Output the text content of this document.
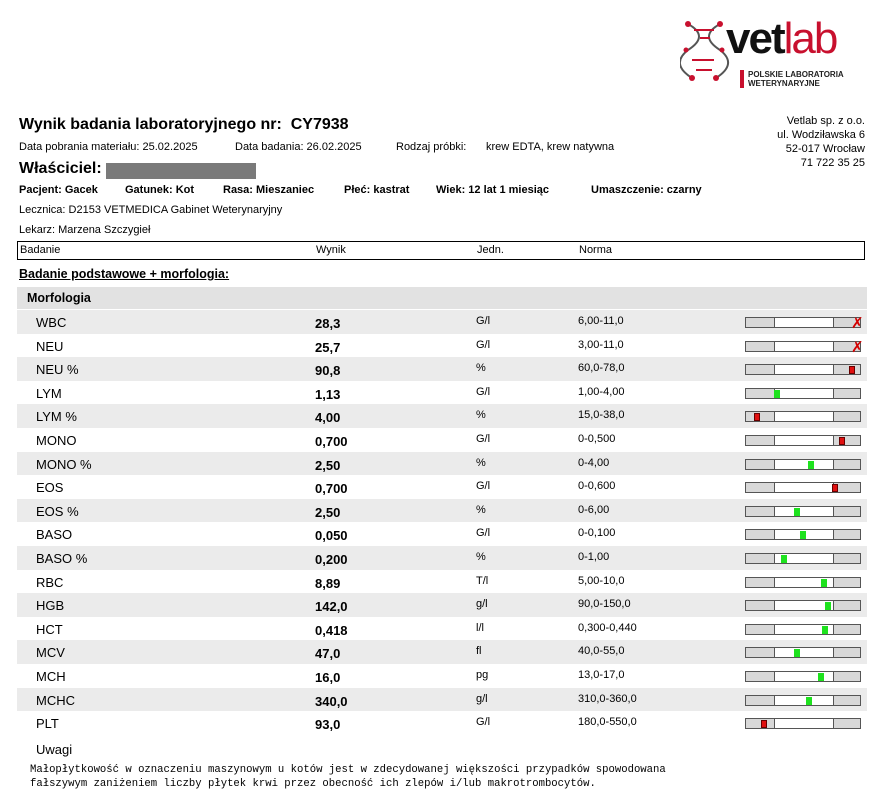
vetlab
POLSKIE LABORATORIA
WETERYNARYJNE
Wynik badania laboratoryjnego nr: CY7938	Vetlab sp. z o.o.
ul. Wodziławska 6
52-017 Wrocław
71 722 35 25
Data pobrania materiału: 25.02.2025	Data badania: 26.02.2025	Rodzaj próbki: krew EDTA, krew natywna
Właściciel:
Pacjent: Gacek Gatunek: Kot	Rasa: Mieszaniec	Płeć: kastrat Wiek: 12 lat 1 miesiąc	Umaszczenie: czarny
Lecznica: D2153 VETMEDICA Gabinet Weterynaryjny
Lekarz: Marzena Szczygieł
Badanie	Wynik	Jedn.	Norma
Badanie podstawowe + morfologia:
Morfologia
WBC	28,3	G/l	6,00-11,0	✗
NEU	25,7	G/l	3,00-11,0	✗
NEU %	90,8	%	60,0-78,0
LYM	1,13	G/l	1,00-4,00
LYM %	4,00	%	15,0-38,0
MONO	0,700	G/l	0-0,500
MONO %	2,50	%	0-4,00
EOS	0,700	G/l	0-0,600
EOS %	2,50	%	0-6,00
BASO	0,050	G/l	0-0,100
BASO %	0,200	%	0-1,00
RBC	8,89	T/l	5,00-10,0
HGB	142,0	g/l	90,0-150,0
HCT	0,418	l/l	0,300-0,440
MCV	47,0	fl	40,0-55,0
MCH	16,0	pg	13,0-17,0
MCHC	340,0	g/l	310,0-360,0
PLT	93,0	G/l	180,0-550,0
Uwagi
Małopłytkowość w oznaczeniu maszynowym u kotów jest w zdecydowanej większości przypadków spowodowana
fałszywym zaniżeniem liczby płytek krwi przez obecność ich zlepów i/lub makrotrombocytów.
